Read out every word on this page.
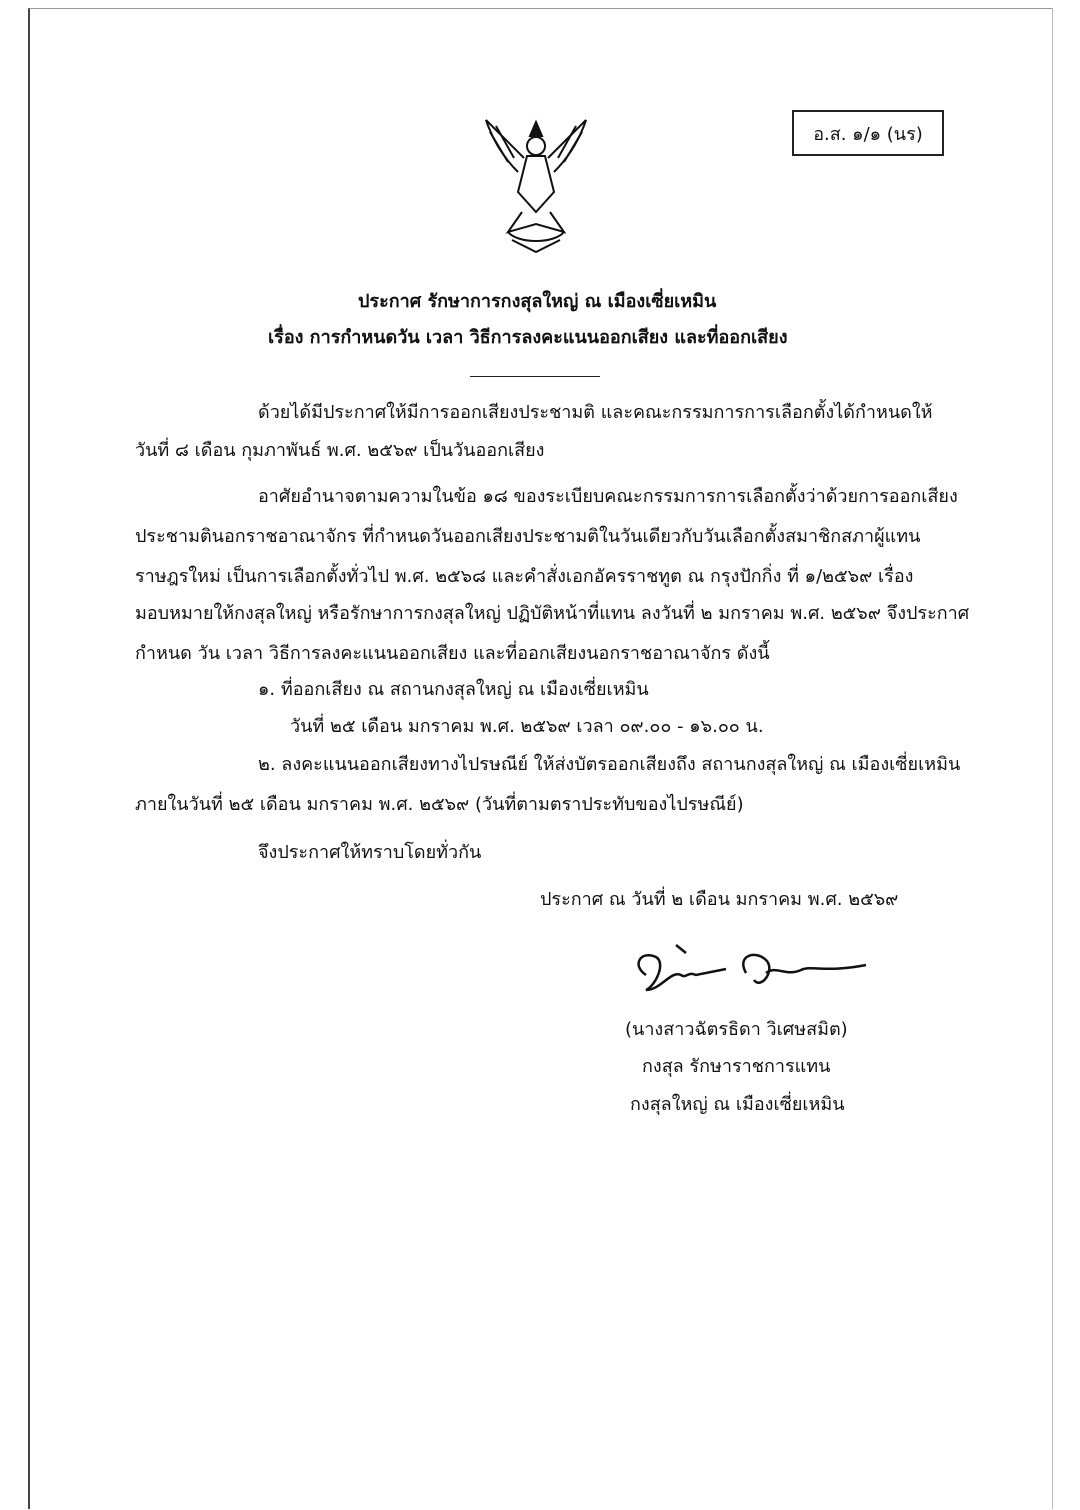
อ.ส. ๑/๑ (นร)
ประกาศ รักษาการกงสุลใหญ่ ณ เมืองเซี่ยเหมิน
เรื่อง การกำหนดวัน เวลา วิธีการลงคะแนนออกเสียง และที่ออกเสียง
ด้วยได้มีประกาศให้มีการออกเสียงประชามติ และคณะกรรมการการเลือกตั้งได้กำหนดให้
วันที่ ๘ เดือน กุมภาพันธ์ พ.ศ. ๒๕๖๙ เป็นวันออกเสียง
อาศัยอำนาจตามความในข้อ ๑๘ ของระเบียบคณะกรรมการการเลือกตั้งว่าด้วยการออกเสียง
ประชามตินอกราชอาณาจักร ที่กำหนดวันออกเสียงประชามติในวันเดียวกับวันเลือกตั้งสมาชิกสภาผู้แทน
ราษฎรใหม่ เป็นการเลือกตั้งทั่วไป พ.ศ. ๒๕๖๘ และคำสั่งเอกอัครราชทูต ณ กรุงปักกิ่ง ที่ ๑/๒๕๖๙ เรื่อง
มอบหมายให้กงสุลใหญ่ หรือรักษาการกงสุลใหญ่ ปฏิบัติหน้าที่แทน ลงวันที่ ๒ มกราคม พ.ศ. ๒๕๖๙ จึงประกาศ
กำหนด วัน เวลา วิธีการลงคะแนนออกเสียง และที่ออกเสียงนอกราชอาณาจักร ดังนี้
๑. ที่ออกเสียง ณ สถานกงสุลใหญ่ ณ เมืองเซี่ยเหมิน
วันที่ ๒๕ เดือน มกราคม พ.ศ. ๒๕๖๙ เวลา ๐๙.๐๐ - ๑๖.๐๐ น.
๒. ลงคะแนนออกเสียงทางไปรษณีย์ ให้ส่งบัตรออกเสียงถึง สถานกงสุลใหญ่ ณ เมืองเซี่ยเหมิน
ภายในวันที่ ๒๕ เดือน มกราคม พ.ศ. ๒๕๖๙ (วันที่ตามตราประทับของไปรษณีย์)
จึงประกาศให้ทราบโดยทั่วกัน
ประกาศ ณ วันที่ ๒ เดือน มกราคม พ.ศ. ๒๕๖๙
(นางสาวฉัตรธิดา วิเศษสมิต)
กงสุล รักษาราชการแทน
กงสุลใหญ่ ณ เมืองเซี่ยเหมิน
